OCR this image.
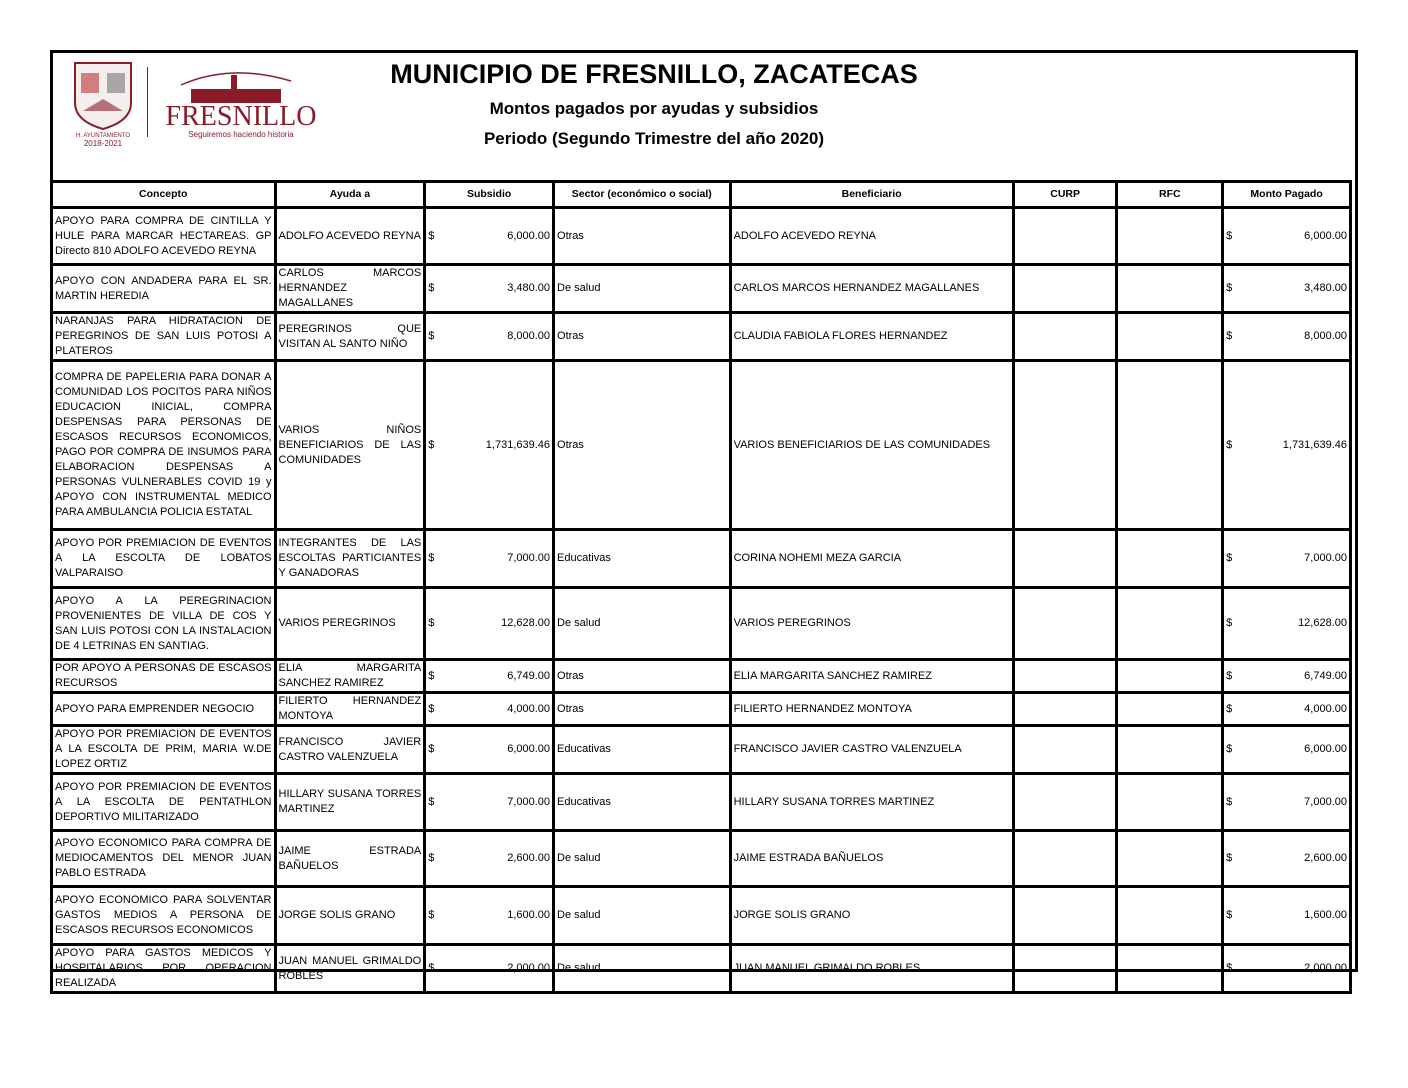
H. AYUNTAMIENTO
2018-2021
FRESNILLO
Seguiremos haciendo historia
MUNICIPIO DE FRESNILLO, ZACATECAS
Montos pagados por ayudas y subsidios
Periodo (Segundo Trimestre del año 2020)
Concepto	Ayuda a	Subsidio	Sector (económico o social)	Beneficiario	CURP	RFC	Monto Pagado
APOYO PARA COMPRA DE CINTILLA Y HULE PARA MARCAR HECTAREAS. GP Directo 810 ADOLFO ACEVEDO REYNA	ADOLFO ACEVEDO REYNA	$ 6,000.00	Otras	ADOLFO ACEVEDO REYNA			$ 6,000.00

APOYO CON ANDADERA PARA EL SR. MARTIN HEREDIA	CARLOS MARCOS HERNANDEZ MAGALLANES	$ 3,480.00	De salud	CARLOS MARCOS HERNANDEZ MAGALLANES			$ 3,480.00

NARANJAS PARA HIDRATACION DE PEREGRINOS DE SAN LUIS POTOSI A PLATEROS	PEREGRINOS QUE VISITAN AL SANTO NIÑO	$ 8,000.00	Otras	CLAUDIA FABIOLA FLORES HERNANDEZ			$ 8,000.00

COMPRA DE PAPELERIA PARA DONAR A COMUNIDAD LOS POCITOS PARA NIÑOS EDUCACION INICIAL, COMPRA DESPENSAS PARA PERSONAS DE ESCASOS RECURSOS ECONOMICOS, PAGO POR COMPRA DE INSUMOS PARA ELABORACION DESPENSAS A PERSONAS VULNERABLES COVID 19 y APOYO CON INSTRUMENTAL MEDICO PARA AMBULANCIA POLICIA ESTATAL	VARIOS NIÑOS BENEFICIARIOS DE LAS COMUNIDADES	$ 1,731,639.46	Otras	VARIOS BENEFICIARIOS DE LAS COMUNIDADES			$ 1,731,639.46

APOYO POR PREMIACION DE EVENTOS A LA ESCOLTA DE LOBATOS VALPARAISO	INTEGRANTES DE LAS ESCOLTAS PARTICIANTES Y GANADORAS	$ 7,000.00	Educativas	CORINA NOHEMI MEZA GARCIA			$ 7,000.00

APOYO A LA PEREGRINACION PROVENIENTES DE VILLA DE COS Y SAN LUIS POTOSI CON LA INSTALACION DE 4 LETRINAS EN SANTIAG.	VARIOS PEREGRINOS	$ 12,628.00	De salud	VARIOS PEREGRINOS			$ 12,628.00

POR APOYO A PERSONAS DE ESCASOS RECURSOS	ELIA MARGARITA SANCHEZ RAMIREZ	$ 6,749.00	Otras	ELIA MARGARITA SANCHEZ RAMIREZ			$ 6,749.00

APOYO PARA EMPRENDER NEGOCIO	FILIERTO HERNANDEZ MONTOYA	$ 4,000.00	Otras	FILIERTO HERNANDEZ MONTOYA			$ 4,000.00

APOYO POR PREMIACION DE EVENTOS A LA ESCOLTA DE PRIM, MARIA W.DE LOPEZ ORTIZ	FRANCISCO JAVIER CASTRO VALENZUELA	$ 6,000.00	Educativas	FRANCISCO JAVIER CASTRO VALENZUELA			$ 6,000.00

APOYO POR PREMIACION DE EVENTOS A LA ESCOLTA DE PENTATHLON DEPORTIVO MILITARIZADO	HILLARY SUSANA TORRES MARTINEZ	$ 7,000.00	Educativas	HILLARY SUSANA TORRES MARTINEZ			$ 7,000.00

APOYO ECONOMICO PARA COMPRA DE MEDIOCAMENTOS DEL MENOR JUAN PABLO ESTRADA	JAIME ESTRADA BAÑUELOS	$ 2,600.00	De salud	JAIME ESTRADA BAÑUELOS			$ 2,600.00

APOYO ECONOMICO PARA SOLVENTAR GASTOS MEDIOS A PERSONA DE ESCASOS RECURSOS ECONOMICOS	JORGE SOLIS GRANO	$ 1,600.00	De salud	JORGE SOLIS GRANO			$ 1,600.00

APOYO PARA GASTOS MEDICOS Y HOSPITALARIOS POR OPERACION REALIZADA	JUAN MANUEL GRIMALDO ROBLES	$ 2,000.00	De salud	JUAN MANUEL GRIMALDO ROBLES			$ 2,000.00
